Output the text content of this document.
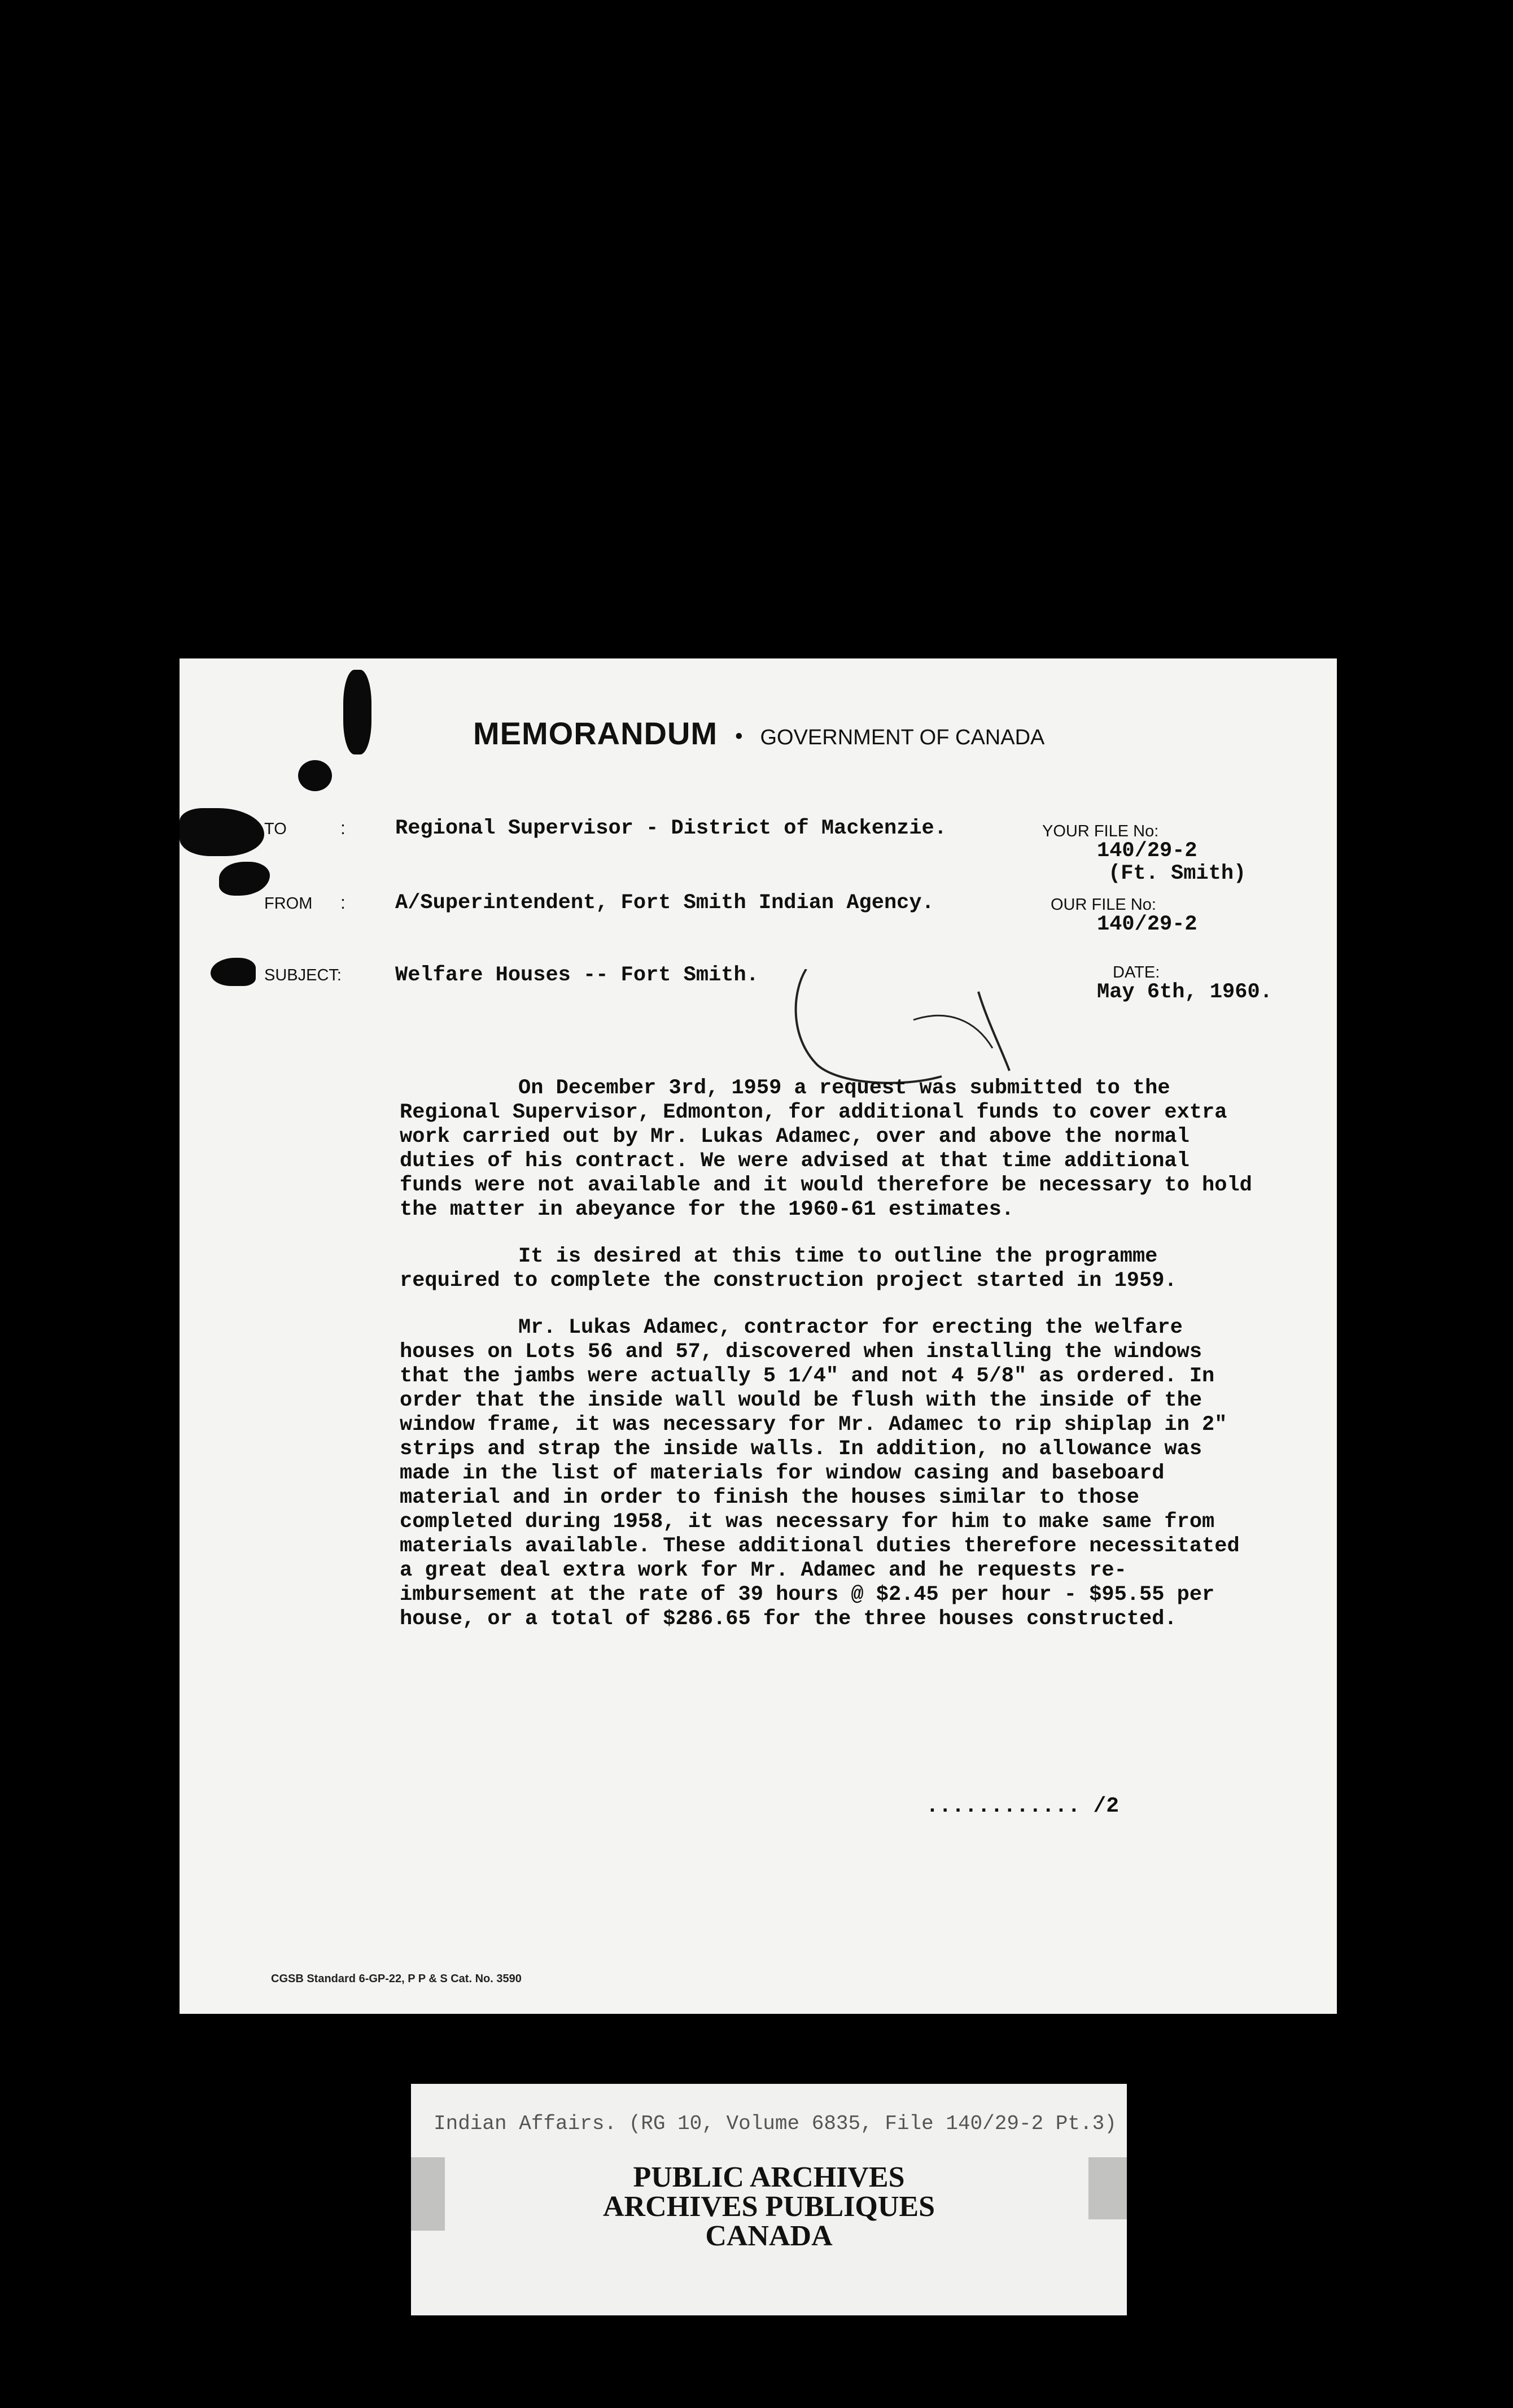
MEMORANDUM • GOVERNMENT OF CANADA
TO	: Regional Supervisor - District of Mackenzie.
FROM : A/Superintendent, Fort Smith Indian Agency.
SUBJECT:	Welfare Houses -- Fort Smith.
YOUR FILE No:
140/29-2
(Ft. Smith)
OUR FILE No:
140/29-2
DATE:
May 6th, 1960.

On December 3rd, 1959 a request was submitted to the Regional Supervisor, Edmonton, for additional funds to cover extra work carried out by Mr. Lukas Adamec, over and above the normal duties of his contract. We were advised at that time additional funds were not available and it would therefore be necessary to hold the matter in abeyance for the 1960-61 estimates.

It is desired at this time to outline the programme required to complete the construction project started in 1959.

Mr. Lukas Adamec, contractor for erecting the welfare houses on Lots 56 and 57, discovered when installing the windows that the jambs were actually 5 1/4" and not 4 5/8" as ordered. In order that the inside wall would be flush with the inside of the window frame, it was necessary for Mr. Adamec to rip shiplap in 2" strips and strap the inside walls. In addition, no allowance was made in the list of materials for window casing and baseboard material and in order to finish the houses similar to those completed during 1958, it was necessary for him to make same from materials available. These additional duties therefore necessitated a great deal extra work for Mr. Adamec and he requests re-imbursement at the rate of 39 hours @ $2.45 per hour - $95.55 per house, or a total of $286.65 for the three houses constructed.

............ /2
CGSB Standard 6-GP-22, P P & S Cat. No. 3590
Indian Affairs. (RG 10, Volume 6835, File 140/29-2 Pt.3)
PUBLIC ARCHIVES
ARCHIVES PUBLIQUES
CANADA
